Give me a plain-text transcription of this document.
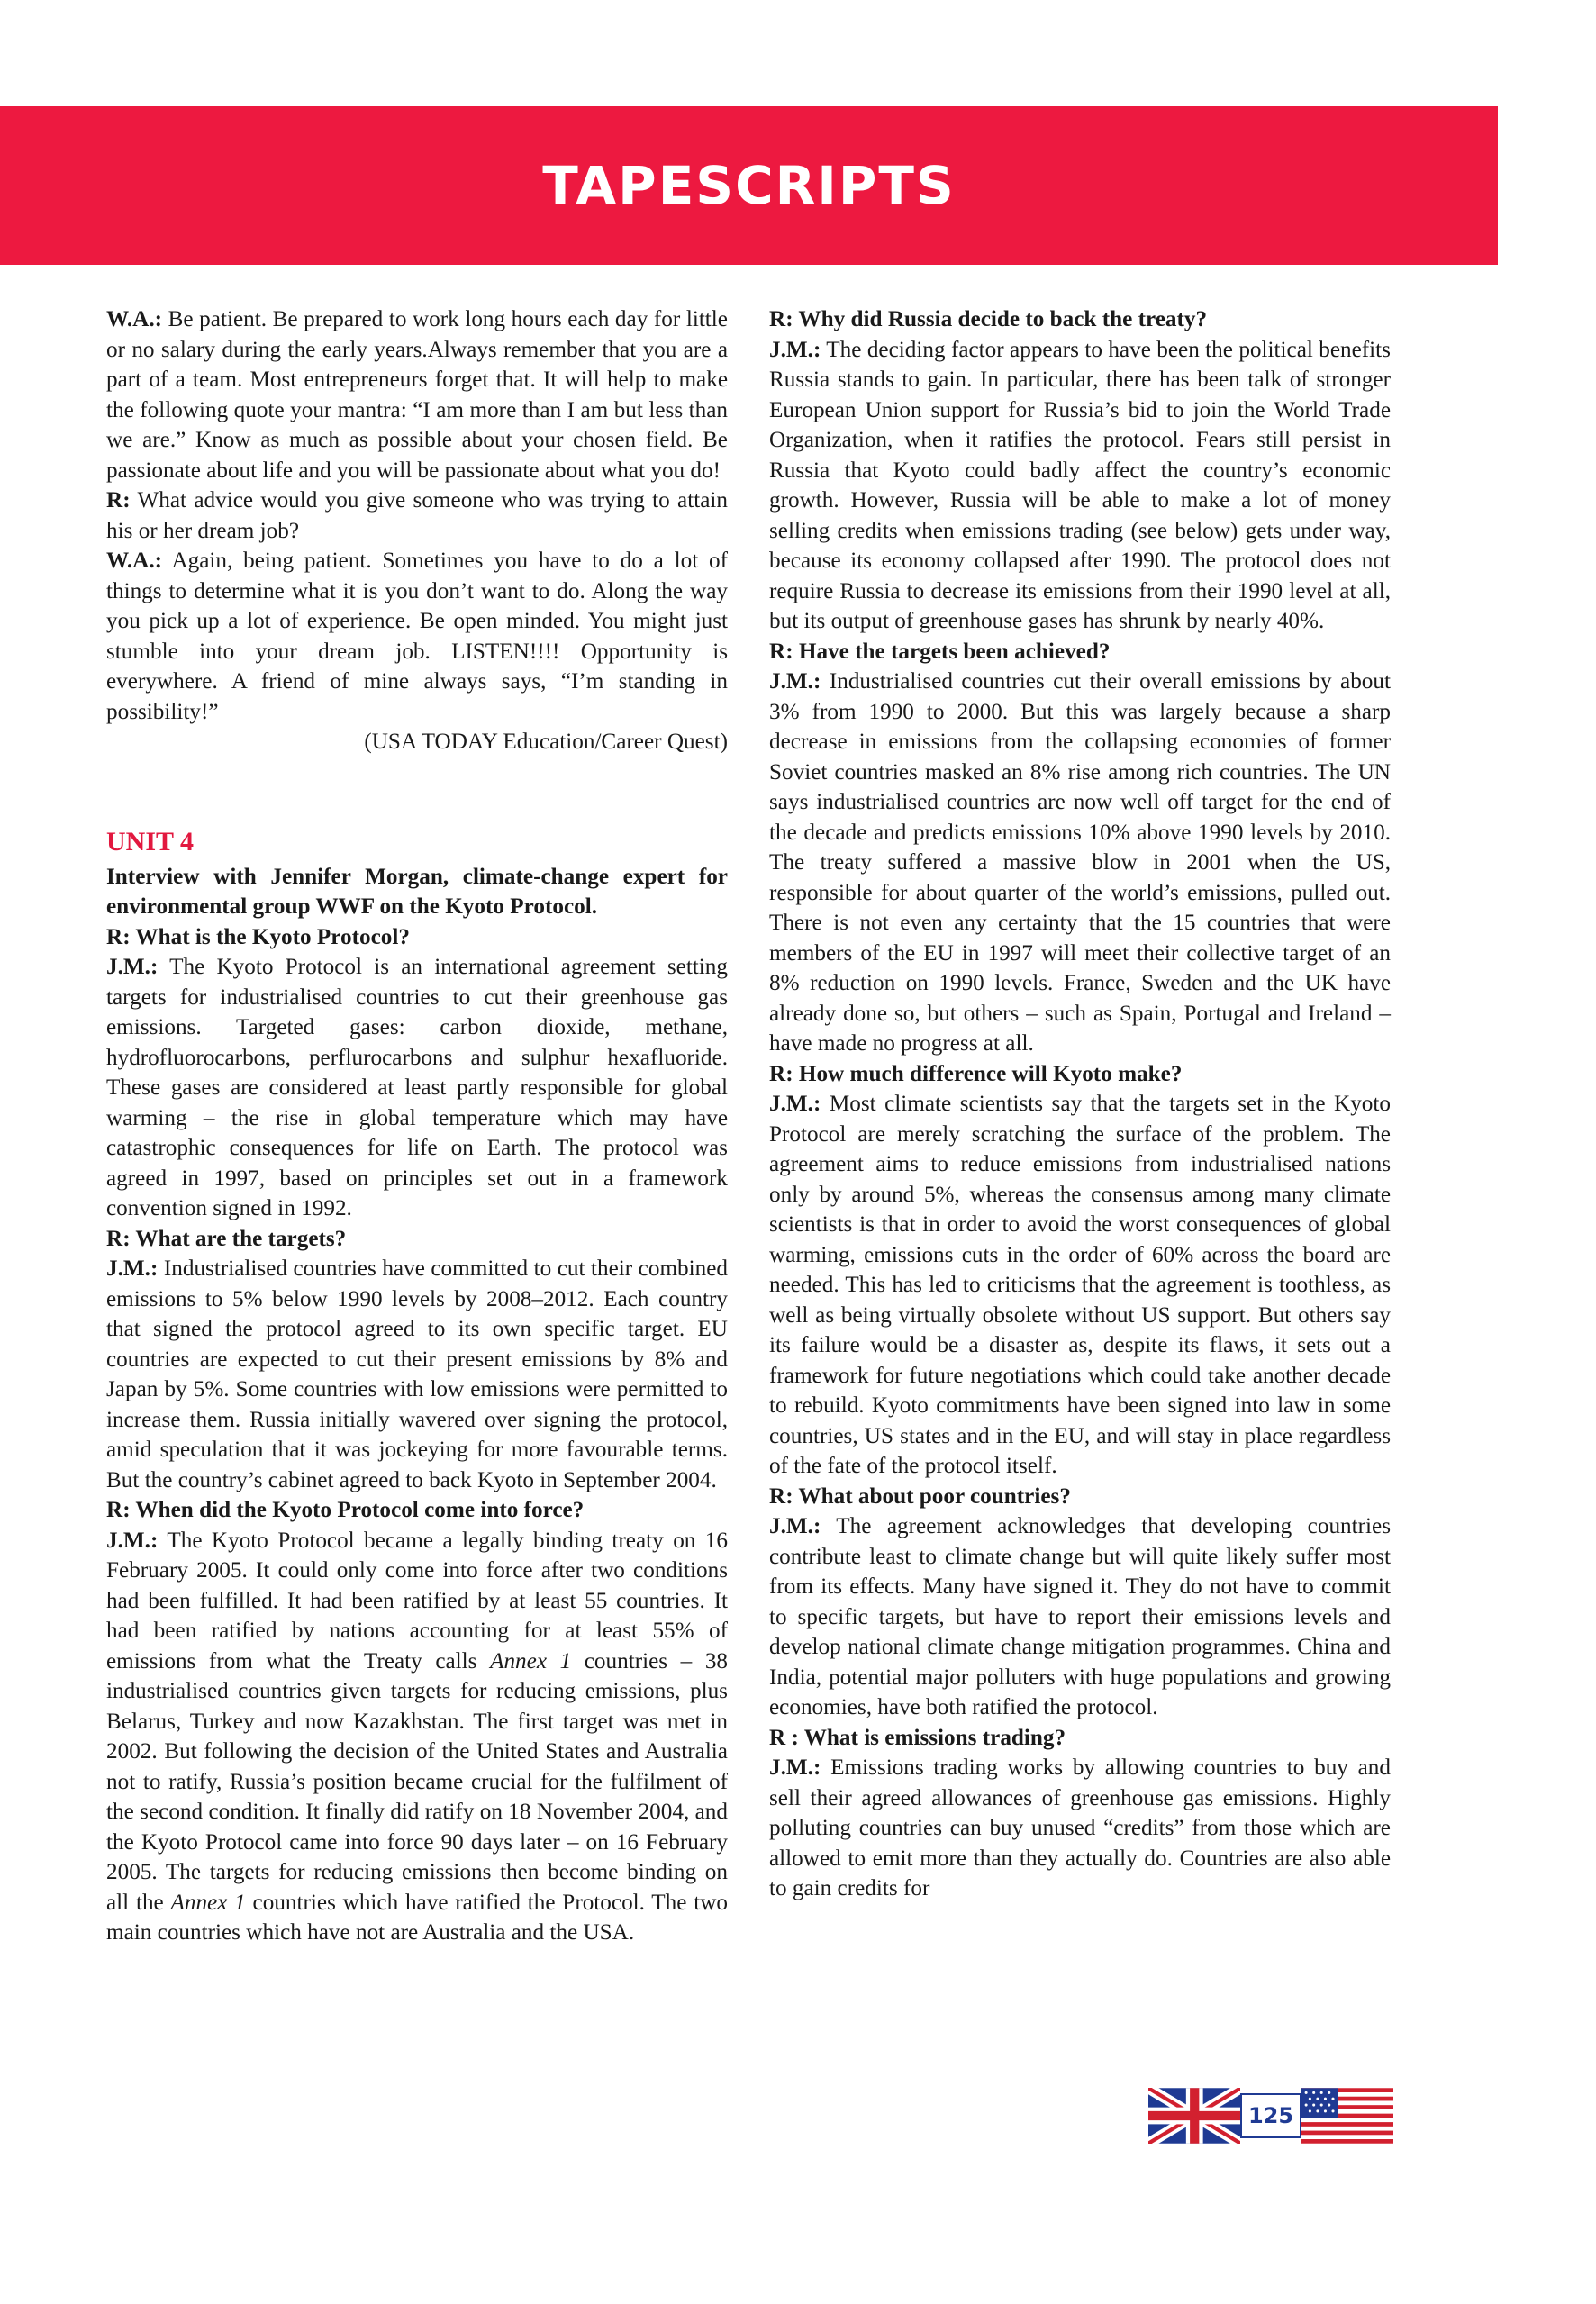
TAPESCRIPTS

W.A.: Be patient. Be prepared to work long hours each day for little or no salary during the early years.Always remember that you are a part of a team. Most entrepreneurs forget that. It will help to make the following quote your mantra: “I am more than I am but less than we are.” Know as much as possible about your chosen field. Be passionate about life and you will be passionate about what you do!

R: What advice would you give someone who was trying to attain his or her dream job?

W.A.: Again, being patient. Sometimes you have to do a lot of things to determine what it is you don’t want to do. Along the way you pick up a lot of experience. Be open minded. You might just stumble into your dream job. LISTEN!!!! Opportunity is everywhere. A friend of mine always says, “I’m standing in possibility!”

(USA TODAY Education/Career Quest)

UNIT 4

Interview with Jennifer Morgan, climate-change expert for environmental group WWF on the Kyoto Protocol.

R: What is the Kyoto Protocol?

J.M.: The Kyoto Protocol is an international agreement setting targets for industrialised countries to cut their greenhouse gas emissions. Targeted gases: carbon dioxide, methane, hydrofluorocarbons, perflurocarbons and sulphur hexafluoride. These gases are considered at least partly responsible for global warming – the rise in global temperature which may have catastrophic consequences for life on Earth. The protocol was agreed in 1997, based on principles set out in a framework convention signed in 1992.

R: What are the targets?

J.M.: Industrialised countries have committed to cut their combined emissions to 5% below 1990 levels by 2008–2012. Each country that signed the protocol agreed to its own specific target. EU countries are expected to cut their present emissions by 8% and Japan by 5%. Some countries with low emissions were permitted to increase them. Russia initially wavered over signing the protocol, amid speculation that it was jockeying for more favourable terms. But the country’s cabinet agreed to back Kyoto in September 2004.

R: When did the Kyoto Protocol come into force?

J.M.: The Kyoto Protocol became a legally binding treaty on 16 February 2005. It could only come into force after two conditions had been fulfilled. It had been ratified by at least 55 countries. It had been ratified by nations accounting for at least 55% of emissions from what the Treaty calls Annex 1 countries – 38 industrialised countries given targets for reducing emissions, plus Belarus, Turkey and now Kazakhstan. The first target was met in 2002. But following the decision of the United States and Australia not to ratify, Russia’s position became crucial for the fulfilment of the second condition. It finally did ratify on 18 November 2004, and the Kyoto Protocol came into force 90 days later – on 16 February 2005. The targets for reducing emissions then become binding on all the Annex 1 countries which have ratified the Protocol. The two main countries which have not are Australia and the USA.

R: Why did Russia decide to back the treaty?

J.M.: The deciding factor appears to have been the political benefits Russia stands to gain. In particular, there has been talk of stronger European Union support for Russia’s bid to join the World Trade Organization, when it ratifies the protocol. Fears still persist in Russia that Kyoto could badly affect the country’s economic growth. However, Russia will be able to make a lot of money selling credits when emissions trading (see below) gets under way, because its economy collapsed after 1990. The protocol does not require Russia to decrease its emissions from their 1990 level at all, but its output of greenhouse gases has shrunk by nearly 40%.

R: Have the targets been achieved?

J.M.: Industrialised countries cut their overall emissions by about 3% from 1990 to 2000. But this was largely because a sharp decrease in emissions from the collapsing economies of former Soviet countries masked an 8% rise among rich countries. The UN says industrialised countries are now well off target for the end of the decade and predicts emissions 10% above 1990 levels by 2010. The treaty suffered a massive blow in 2001 when the US, responsible for about quarter of the world’s emissions, pulled out. There is not even any certainty that the 15 countries that were members of the EU in 1997 will meet their collective target of an 8% reduction on 1990 levels. France, Sweden and the UK have already done so, but others – such as Spain, Portugal and Ireland – have made no progress at all.

R: How much difference will Kyoto make?

J.M.: Most climate scientists say that the targets set in the Kyoto Protocol are merely scratching the surface of the problem. The agreement aims to reduce emissions from industrialised nations only by around 5%, whereas the consensus among many climate scientists is that in order to avoid the worst consequences of global warming, emissions cuts in the order of 60% across the board are needed. This has led to criticisms that the agreement is toothless, as well as being virtually obsolete without US support. But others say its failure would be a disaster as, despite its flaws, it sets out a framework for future negotiations which could take another decade to rebuild. Kyoto commitments have been signed into law in some countries, US states and in the EU, and will stay in place regardless of the fate of the protocol itself.

R: What about poor countries?

J.M.: The agreement acknowledges that developing countries contribute least to climate change but will quite likely suffer most from its effects. Many have signed it. They do not have to commit to specific targets, but have to report their emissions levels and develop national climate change mitigation programmes. China and India, potential major polluters with huge populations and growing economies, have both ratified the protocol.

R : What is emissions trading?

J.M.: Emissions trading works by allowing countries to buy and sell their agreed allowances of greenhouse gas emissions. Highly polluting countries can buy unused “credits” from those which are allowed to emit more than they actually do. Countries are also able to gain credits for

125
